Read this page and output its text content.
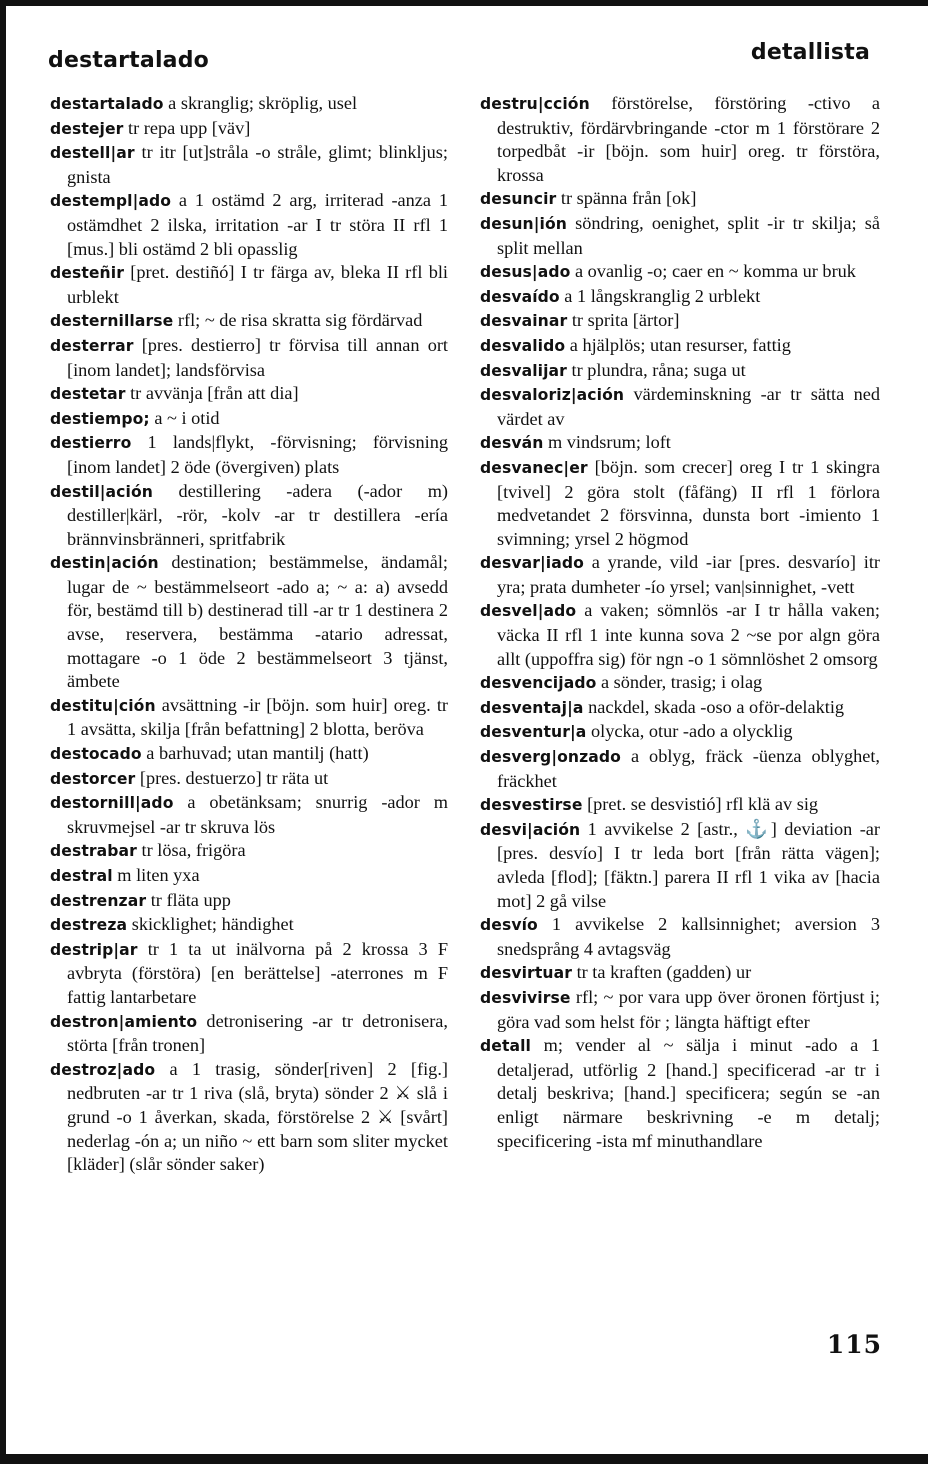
destartalado	detallista

destartalado a skranglig; skröplig, usel

destejer tr repa upp [väv]

destell|ar tr itr [ut]stråla -o stråle, glimt; blinkljus; gnista

destempl|ado a 1 ostämd 2 arg, irriterad -anza 1 ostämdhet 2 ilska, irritation -ar I tr störa II rfl 1 [mus.] bli ostämd 2 bli opasslig

desteñir [pret. destiñó] I tr färga av, bleka II rfl bli urblekt

desternillarse rfl; ~ de risa skratta sig fördärvad

desterrar [pres. destierro] tr förvisa till annan ort [inom landet]; landsförvisa

destetar tr avvänja [från att dia]

destiempo; a ~ i otid

destierro 1 lands|flykt, -förvisning; förvisning [inom landet] 2 öde (övergiven) plats

destil|ación destillering -adera (-ador m) destiller|kärl, -rör, -kolv -ar tr destillera -ería brännvinsbränneri, spritfabrik

destin|ación destination; bestämmelse, ändamål; lugar de ~ bestämmelseort -ado a; ~ a: a) avsedd för, bestämd till b) destinerad till -ar tr 1 destinera 2 avse, reservera, bestämma -atario adressat, mottagare -o 1 öde 2 bestämmelseort 3 tjänst, ämbete

destitu|ción avsättning -ir [böjn. som huir] oreg. tr 1 avsätta, skilja [från befattning] 2 blotta, beröva

destocado a barhuvad; utan mantilj (hatt)

destorcer [pres. destuerzo] tr räta ut

destornill|ado a obetänksam; snurrig -ador m skruvmejsel -ar tr skruva lös

destrabar tr lösa, frigöra

destral m liten yxa

destrenzar tr fläta upp

destreza skicklighet; händighet

destrip|ar tr 1 ta ut inälvorna på 2 krossa 3 F avbryta (förstöra) [en berättelse] -aterrones m F fattig lantarbetare

destron|amiento detronisering -ar tr detronisera, störta [från tronen]

destroz|ado a 1 trasig, sönder[riven] 2 [fig.] nedbruten -ar tr 1 riva (slå, bryta) sönder 2 ⚔ slå i grund -o 1 åverkan, skada, förstörelse 2 ⚔ [svårt] nederlag -ón a; un niño ~ ett barn som sliter mycket [kläder] (slår sönder saker)

destru|cción förstörelse, förstöring -ctivo a destruktiv, fördärvbringande -ctor m 1 förstörare 2 torpedbåt -ir [böjn. som huir] oreg. tr förstöra, krossa

desuncir tr spänna från [ok]

desun|ión söndring, oenighet, split -ir tr skilja; så split mellan

desus|ado a ovanlig -o; caer en ~ komma ur bruk

desvaído a 1 långskranglig 2 urblekt

desvainar tr sprita [ärtor]

desvalido a hjälplös; utan resurser, fattig

desvalijar tr plundra, råna; suga ut

desvaloriz|ación värdeminskning -ar tr sätta ned värdet av

desván m vindsrum; loft

desvanec|er [böjn. som crecer] oreg I tr 1 skingra [tvivel] 2 göra stolt (fåfäng) II rfl 1 förlora medvetandet 2 försvinna, dunsta bort -imiento 1 svimning; yrsel 2 högmod

desvar|iado a yrande, vild -iar [pres. desvarío] itr yra; prata dumheter -ío yrsel; van|sinnighet, -vett

desvel|ado a vaken; sömnlös -ar I tr hålla vaken; väcka II rfl 1 inte kunna sova 2 ~se por algn göra allt (uppoffra sig) för ngn -o 1 sömnlöshet 2 omsorg

desvencijado a sönder, trasig; i olag

desventaj|a nackdel, skada -oso a oför-delaktig

desventur|a olycka, otur -ado a olycklig

desverg|onzado a oblyg, fräck -üenza oblyghet, fräckhet

desvestirse [pret. se desvistió] rfl klä av sig

desvi|ación 1 avvikelse 2 [astr., ⚓] deviation -ar [pres. desvío] I tr leda bort [från rätta vägen]; avleda [flod]; [fäktn.] parera II rfl 1 vika av [hacia mot] 2 gå vilse

desvío 1 avvikelse 2 kallsinnighet; aversion 3 snedsprång 4 avtagsväg

desvirtuar tr ta kraften (gadden) ur

desvivirse rfl; ~ por vara upp över öronen förtjust i; göra vad som helst för ; längta häftigt efter

detall m; vender al ~ sälja i minut -ado a 1 detaljerad, utförlig 2 [hand.] specificerad -ar tr i detalj beskriva; [hand.] specificera; según se -an enligt närmare beskrivning -e m detalj; specificering -ista mf minuthandlare

115
